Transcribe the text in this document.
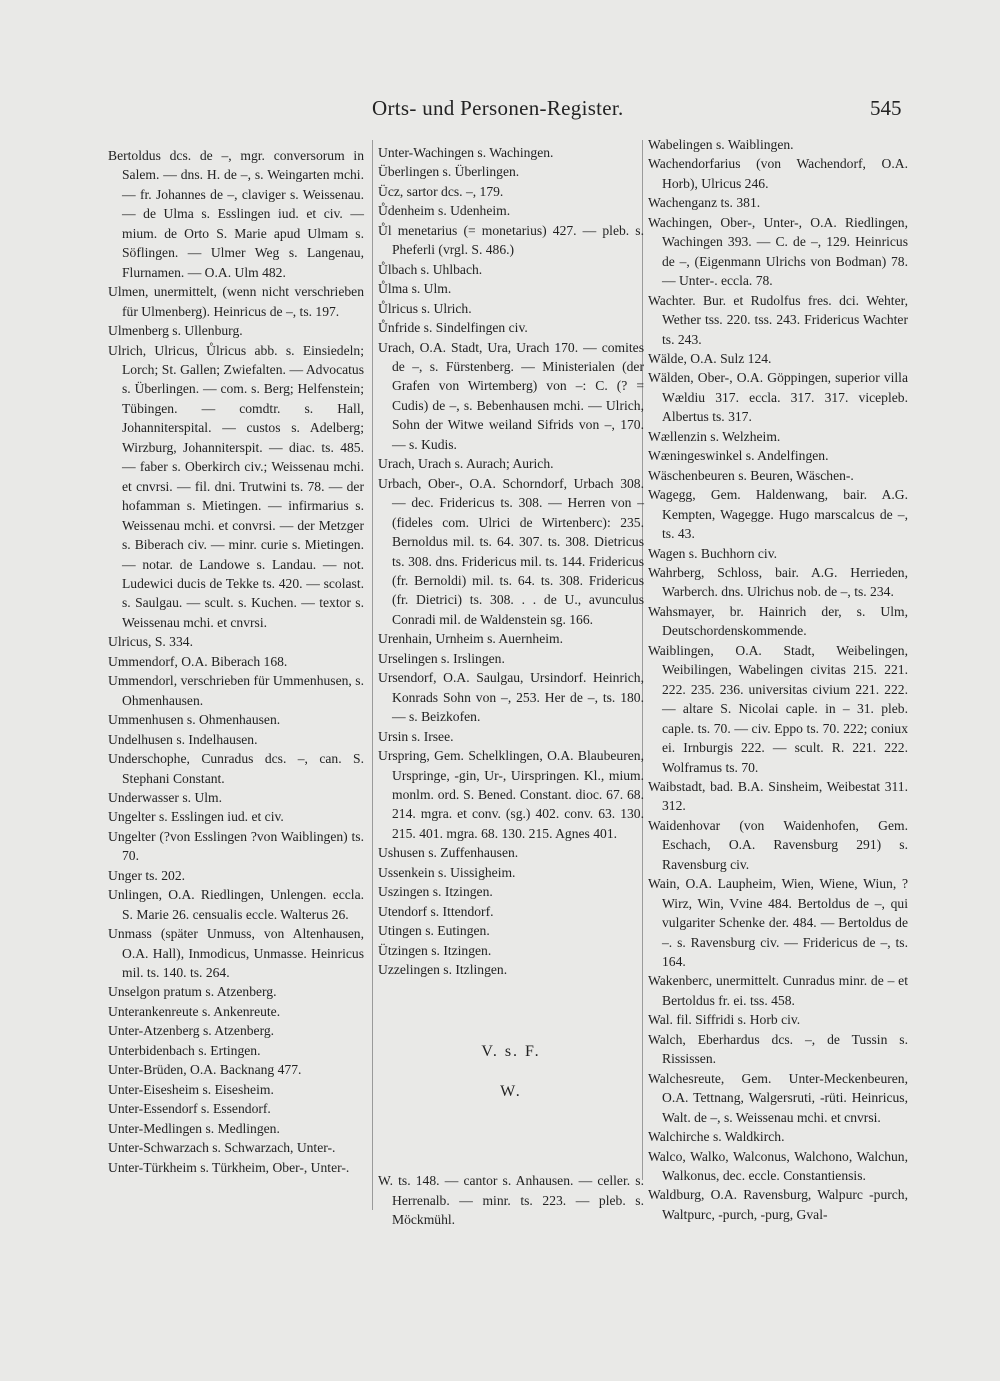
Orts- und Personen-Register.	545
Bertoldus dcs. de –, mgr. conversorum in Salem. — dns. H. de –, s. Weingarten mchi. — fr. Johannes de –, claviger s. Weissenau. — de Ulma s. Esslingen iud. et civ. — mium. de Orto S. Marie apud Ulmam s. Söflingen. — Ulmer Weg s. Langenau, Flurnamen. — O.A. Ulm 482.
Ulmen, unermittelt, (wenn nicht verschrieben für Ulmenberg). Heinricus de –, ts. 197.
Ulmenberg s. Ullenburg.
Ulrich, Ulricus, Ůlricus abb. s. Einsiedeln; Lorch; St. Gallen; Zwiefalten. — Advocatus s. Überlingen. — com. s. Berg; Helfenstein; Tübingen. — comdtr. s. Hall, Johanniterspital. — custos s. Adelberg; Wirzburg, Johanniterspit. — diac. ts. 485. — faber s. Oberkirch civ.; Weissenau mchi. et cnvrsi. — fil. dni. Trutwini ts. 78. — der hofamman s. Mietingen. — infirmarius s. Weissenau mchi. et convrsi. — der Metzger s. Biberach civ. — minr. curie s. Mietingen. — notar. de Landowe s. Landau. — not. Ludewici ducis de Tekke ts. 420. — scolast. s. Saulgau. — scult. s. Kuchen. — textor s. Weissenau mchi. et cnvrsi.
Ulricus, S. 334.
Ummendorf, O.A. Biberach 168.
Ummendorl, verschrieben für Ummenhusen, s. Ohmenhausen.
Ummenhusen s. Ohmenhausen.
Undelhusen s. Indelhausen.
Underschophe, Cunradus dcs. –, can. S. Stephani Constant.
Underwasser s. Ulm.
Ungelter s. Esslingen iud. et civ.
Ungelter (?von Esslingen ?von Waiblingen) ts. 70.
Unger ts. 202.
Unlingen, O.A. Riedlingen, Unlengen. eccla. S. Marie 26. censualis eccle. Walterus 26.
Unmass (später Unmuss, von Altenhausen, O.A. Hall), Inmodicus, Unmasse. Heinricus mil. ts. 140. ts. 264.
Unselgon pratum s. Atzenberg.
Unterankenreute s. Ankenreute.
Unter-Atzenberg s. Atzenberg.
Unterbidenbach s. Ertingen.
Unter-Brüden, O.A. Backnang 477.
Unter-Eisesheim s. Eisesheim.
Unter-Essendorf s. Essendorf.
Unter-Medlingen s. Medlingen.
Unter-Schwarzach s. Schwarzach, Unter-.
Unter-Türkheim s. Türkheim, Ober-, Unter-.
Unter-Wachingen s. Wachingen.
Überlingen s. Überlingen.
Ücz, sartor dcs. –, 179.
Ůdenheim s. Udenheim.
Ůl menetarius (= monetarius) 427. — pleb. s. Pheferli (vrgl. S. 486.)
Ůlbach s. Uhlbach.
Ůlma s. Ulm.
Ůlricus s. Ulrich.
Ůnfride s. Sindelfingen civ.
Urach, O.A. Stadt, Ura, Urach 170. — comites de –, s. Fürstenberg. — Ministerialen (der Grafen von Wirtemberg) von –: C. (? = Cudis) de –, s. Bebenhausen mchi. — Ulrich, Sohn der Witwe weiland Sifrids von –, 170. — s. Kudis.
Urach, Urach s. Aurach; Aurich.
Urbach, Ober-, O.A. Schorndorf, Urbach 308. — dec. Fridericus ts. 308. — Herren von – (fideles com. Ulrici de Wirtenberc): 235. Bernoldus mil. ts. 64. 307. ts. 308. Dietricus ts. 308. dns. Fridericus mil. ts. 144. Fridericus (fr. Bernoldi) mil. ts. 64. ts. 308. Fridericus (fr. Dietrici) ts. 308. . . de U., avunculus Conradi mil. de Waldenstein sg. 166.
Urenhain, Urnheim s. Auernheim.
Urselingen s. Irslingen.
Ursendorf, O.A. Saulgau, Ursindorf. Heinrich, Konrads Sohn von –, 253. Her de –, ts. 180. — s. Beizkofen.
Ursin s. Irsee.
Urspring, Gem. Schelklingen, O.A. Blaubeuren, Urspringe, -gin, Ur-, Uirspringen. Kl., mium. monlm. ord. S. Bened. Constant. dioc. 67. 68. 214. mgra. et conv. (sg.) 402. conv. 63. 130. 215. 401. mgra. 68. 130. 215. Agnes 401.
Ushusen s. Zuffenhausen.
Ussenkein s. Uissigheim.
Uszingen s. Itzingen.
Utendorf s. Ittendorf.
Utingen s. Eutingen.
Ützingen s. Itzingen.
Uzzelingen s. Itzlingen.
V. s. F.
W.
W. ts. 148. — cantor s. Anhausen. — celler. s. Herrenalb. — minr. ts. 223. — pleb. s. Möckmühl.
Wabelingen s. Waiblingen.
Wachendorfarius (von Wachendorf, O.A. Horb), Ulricus 246.
Wachenganz ts. 381.
Wachingen, Ober-, Unter-, O.A. Riedlingen, Wachingen 393. — C. de –, 129. Heinricus de –, (Eigenmann Ulrichs von Bodman) 78. — Unter-. eccla. 78.
Wachter. Bur. et Rudolfus fres. dci. Wehter, Wether tss. 220. tss. 243. Fridericus Wachter ts. 243.
Wälde, O.A. Sulz 124.
Wälden, Ober-, O.A. Göppingen, superior villa Wældiu 317. eccla. 317. 317. vicepleb. Albertus ts. 317.
Wællenzin s. Welzheim.
Wæningeswinkel s. Andelfingen.
Wäschenbeuren s. Beuren, Wäschen-.
Wagegg, Gem. Haldenwang, bair. A.G. Kempten, Wagegge. Hugo marscalcus de –, ts. 43.
Wagen s. Buchhorn civ.
Wahrberg, Schloss, bair. A.G. Herrieden, Warberch. dns. Ulrichus nob. de –, ts. 234.
Wahsmayer, br. Hainrich der, s. Ulm, Deutschordenskommende.
Waiblingen, O.A. Stadt, Weibelingen, Weibilingen, Wabelingen civitas 215. 221. 222. 235. 236. universitas civium 221. 222. — altare S. Nicolai caple. in – 31. pleb. caple. ts. 70. — civ. Eppo ts. 70. 222; coniux ei. Irnburgis 222. — scult. R. 221. 222. Wolframus ts. 70.
Waibstadt, bad. B.A. Sinsheim, Weibestat 311. 312.
Waidenhovar (von Waidenhofen, Gem. Eschach, O.A. Ravensburg 291) s. Ravensburg civ.
Wain, O.A. Laupheim, Wien, Wiene, Wiun, ?Wirz, Win, Vvine 484. Bertoldus de –, qui vulgariter Schenke der. 484. — Bertoldus de –. s. Ravensburg civ. — Fridericus de –, ts. 164.
Wakenberc, unermittelt. Cunradus minr. de – et Bertoldus fr. ei. tss. 458.
Wal. fil. Siffridi s. Horb civ.
Walch, Eberhardus dcs. –, de Tussin s. Rississen.
Walchesreute, Gem. Unter-Meckenbeuren, O.A. Tettnang, Walgersruti, -rüti. Heinricus, Walt. de –, s. Weissenau mchi. et cnvrsi.
Walchirche s. Waldkirch.
Walco, Walko, Walconus, Walchono, Walchun, Walkonus, dec. eccle. Constantiensis.
Waldburg, O.A. Ravensburg, Walpurc -purch, Waltpurc, -purch, -purg, Gval-
